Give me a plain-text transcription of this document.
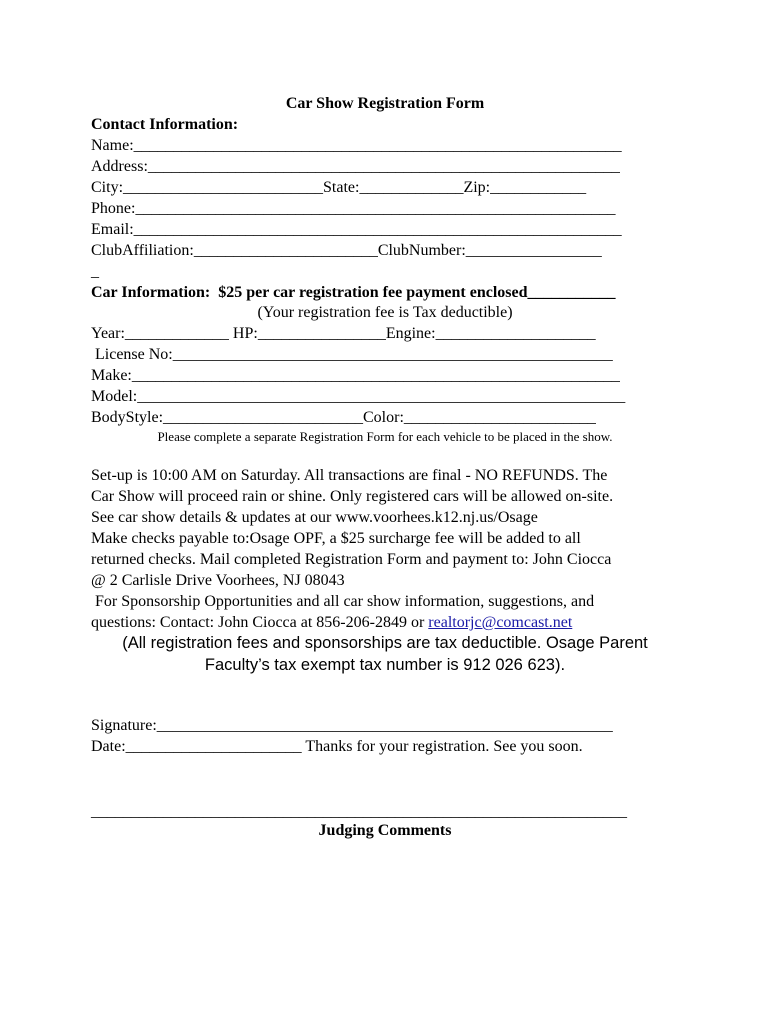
Car Show Registration Form
Contact Information:
Name:_____________________________________________________________
Address:___________________________________________________________
City:_________________________State:_____________Zip:____________
Phone:____________________________________________________________
Email:_____________________________________________________________
ClubAffiliation:_______________________ClubNumber:_________________
_
Car Information:  $25 per car registration fee payment enclosed___________
(Your registration fee is Tax deductible)
Year:_____________ HP:________________Engine:____________________
License No:_______________________________________________________
Make:_____________________________________________________________
Model:_____________________________________________________________
BodyStyle:_________________________Color:________________________
Please complete a separate Registration Form for each vehicle to be placed in the show.
Set-up is 10:00 AM on Saturday. All transactions are final - NO REFUNDS. The
Car Show will proceed rain or shine. Only registered cars will be allowed on-site.
See car show details & updates at our www.voorhees.k12.nj.us/Osage
Make checks payable to:Osage OPF, a $25 surcharge fee will be added to all
returned checks. Mail completed Registration Form and payment to: John Ciocca
@ 2 Carlisle Drive Voorhees, NJ 08043
For Sponsorship Opportunities and all car show information, suggestions, and
questions: Contact: John Ciocca at 856-206-2849 or realtorjc@comcast.net
(All registration fees and sponsorships are tax deductible. Osage Parent
Faculty’s tax exempt tax number is 912 026 623).
Signature:_________________________________________________________
Date:______________________ Thanks for your registration. See you soon.
___________________________________________________________________
Judging Comments
